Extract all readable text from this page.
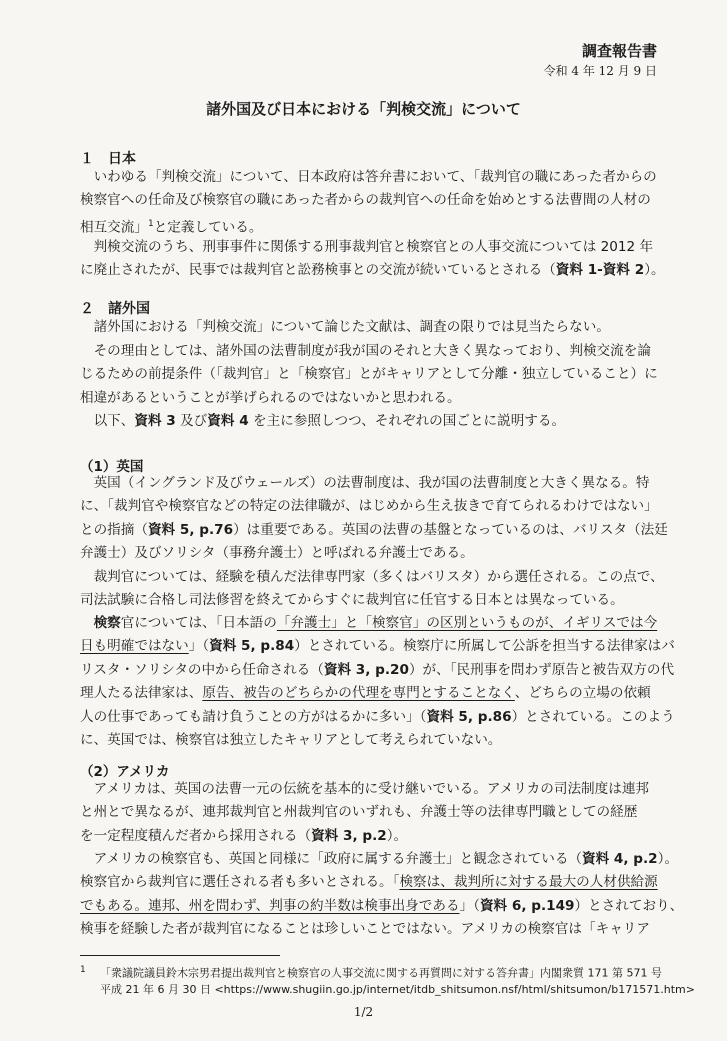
調査報告書
令和 4 年 12 月 9 日
諸外国及び日本における「判検交流」について
１　日本
いわゆる「判検交流」について、日本政府は答弁書において、「裁判官の職にあった者からの
検察官への任命及び検察官の職にあった者からの裁判官への任命を始めとする法曹間の人材の
相互交流」$^1$と定義している。
判検交流のうち、刑事事件に関係する刑事裁判官と検察官との人事交流については 2012 年
に廃止されたが、民事では裁判官と訟務検事との交流が続いているとされる（資料 1-資料 2）。
２　諸外国
諸外国における「判検交流」について論じた文献は、調査の限りでは見当たらない。
その理由としては、諸外国の法曹制度が我が国のそれと大きく異なっており、判検交流を論
じるための前提条件（「裁判官」と「検察官」とがキャリアとして分離・独立していること）に
相違があるということが挙げられるのではないかと思われる。
以下、資料 3 及び資料 4 を主に参照しつつ、それぞれの国ごとに説明する。
（1）英国
英国（イングランド及びウェールズ）の法曹制度は、我が国の法曹制度と大きく異なる。特
に、「裁判官や検察官などの特定の法律職が、はじめから生え抜きで育てられるわけではない」
との指摘（資料 5, p.76）は重要である。英国の法曹の基盤となっているのは、バリスタ（法廷
弁護士）及びソリシタ（事務弁護士）と呼ばれる弁護士である。
裁判官については、経験を積んだ法律専門家（多くはバリスタ）から選任される。この点で、
司法試験に合格し司法修習を終えてからすぐに裁判官に任官する日本とは異なっている。
検察官については、「日本語の「弁護士」と「検察官」の区別というものが、イギリスでは今
日も明確ではない」（資料 5, p.84）とされている。検察庁に所属して公訴を担当する法律家はバ
リスタ・ソリシタの中から任命される（資料 3, p.20）が、「民刑事を問わず原告と被告双方の代
理人たる法律家は、原告、被告のどちらかの代理を専門とすることなく、どちらの立場の依頼
人の仕事であっても請け負うことの方がはるかに多い」（資料 5, p.86）とされている。このよう
に、英国では、検察官は独立したキャリアとして考えられていない。
（2）アメリカ
アメリカは、英国の法曹一元の伝統を基本的に受け継いでいる。アメリカの司法制度は連邦
と州とで異なるが、連邦裁判官と州裁判官のいずれも、弁護士等の法律専門職としての経歴
を一定程度積んだ者から採用される（資料 3, p.2）。
アメリカの検察官も、英国と同様に「政府に属する弁護士」と観念されている（資料 4, p.2）。
検察官から裁判官に選任される者も多いとされる。「検察は、裁判所に対する最大の人材供給源
でもある。連邦、州を問わず、判事の約半数は検事出身である」（資料 6, p.149）とされており、
検事を経験した者が裁判官になることは珍しいことではない。アメリカの検察官は「キャリア
1 「衆議院議員鈴木宗男君提出裁判官と検察官の人事交流に関する再質問に対する答弁書」内閣衆質 171 第 571 号
平成 21 年 6 月 30 日 <https://www.shugiin.go.jp/internet/itdb_shitsumon.nsf/html/shitsumon/b171571.htm>
1/2
